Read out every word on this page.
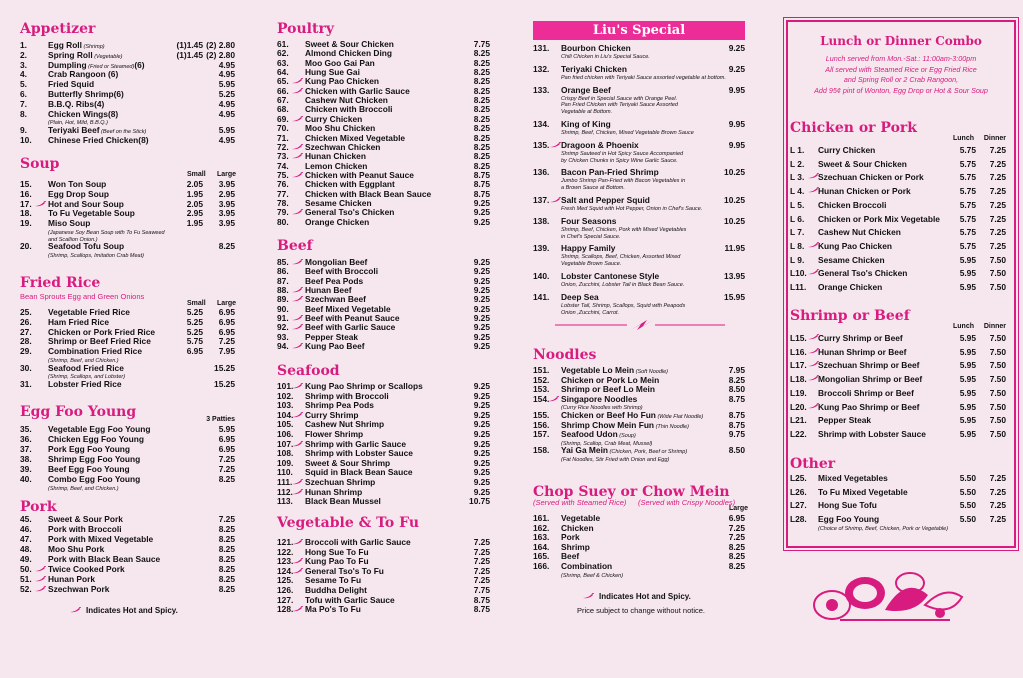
Appetizer
1.	Egg Roll (Shrimp)	(1)1.45 (2) 2.80
2.	Spring Roll (Vegetable)	(1)1.45 (2) 2.80
3.	Dumpling (Fried or Steamed)(6)	4.95
4.	Crab Rangoon (6)	4.95
5.	Fried Squid	5.95
6.	Butterfly Shrimp(6)	5.25
7.	B.B.Q. Ribs(4)	4.95
8.	Chicken Wings(8)	4.95
(Plain, Hot, Mild, B.B.Q.)
9.	Teriyaki Beef (Beef on the Stick)	5.95
10. Chinese Fried Chicken(8)	4.95
Soup
Small Large
15. Won Ton Soup	2.05 3.95
16. Egg Drop Soup	1.95 2.95
17. Hot and Sour Soup	2.05 3.95
18. To Fu Vegetable Soup	2.95 3.95
19. Miso Soup	1.95 3.95
(Japanese Soy Bean Soup with To Fu Seaweed
and Scallion Onion.)
20. Seafood Tofu Soup	8.25
(Shrimp, Scallops, Imitation Crab Meat)
Fried Rice
Bean Sprouts Egg and Green Onions
Small Large
25. Vegetable Fried Rice	5.25 6.95
26. Ham Fried Rice	5.25 6.95
27. Chicken or Pork Fried Rice	5.25 6.95
28. Shrimp or Beef Fried Rice	5.75 7.25
29. Combination Fried Rice	6.95 7.95
(Shrimp, Beef, and Chicken.)
30. Seafood Fried Rice	15.25
(Shrimp, Scallops, and Lobster)
31. Lobster Fried Rice	15.25
Egg Foo Young	3 Patties
35. Vegetable Egg Foo Young	5.95
36. Chicken Egg Foo Young	6.95
37. Pork Egg Foo Young	6.95
38. Shrimp Egg Foo Young	7.25
39. Beef Egg Foo Young	7.25
40. Combo Egg Foo Young	8.25
(Shrimp, Beef, and Chicken.)
Pork
45. Sweet & Sour Pork	7.25
46. Pork with Broccoli	8.25
47. Pork with Mixed Vegetable	8.25
48. Moo Shu Pork	8.25
49. Pork with Black Bean Sauce	8.25
50. Twice Cooked Pork	8.25
51. Hunan Pork	8.25
52. Szechwan Pork	8.25
Indicates Hot and Spicy.
Poultry
61. Sweet & Sour Chicken	7.75
62. Almond Chicken Ding	8.25
63. Moo Goo Gai Pan	8.25
64. Hung Sue Gai	8.25
65. Kung Pao Chicken	8.25
66. Chicken with Garlic Sauce	8.25
67. Cashew Nut Chicken	8.25
68. Chicken with Broccoli	8.25
69. Curry Chicken	8.25
70. Moo Shu Chicken	8.25
71. Chicken Mixed Vegetable	8.25
72. Szechwan Chicken	8.25
73. Hunan Chicken	8.25
74. Lemon Chicken	8.25
75. Chicken with Peanut Sauce	8.75
76. Chicken with Eggplant	8.75
77. Chicken with Black Bean Sauce	8.75
78. Sesame Chicken	9.25
79. General Tso's Chicken	9.25
80. Orange Chicken	9.25
Beef
85. Mongolian Beef	9.25
86. Beef with Broccoli	9.25
87. Beef Pea Pods	9.25
88. Hunan Beef	9.25
89. Szechwan Beef	9.25
90. Beef Mixed Vegetable	9.25
91. Beef with Peanut Sauce	9.25
92. Beef with Garlic Sauce	9.25
93. Pepper Steak	9.25
94. Kung Pao Beef	9.25
Seafood
101. Kung Pao Shrimp or Scallops	9.25
102. Shrimp with Broccoli	9.25
103. Shrimp Pea Pods	9.25
104. Curry Shrimp	9.25
105. Cashew Nut Shrimp	9.25
106. Flower Shrimp	9.25
107. Shrimp with Garlic Sauce	9.25
108. Shrimp with Lobster Sauce	9.25
109. Sweet & Sour Shrimp	9.25
110. Squid in Black Bean Sauce	9.25
111. Szechuan Shrimp	9.25
112. Hunan Shrimp	9.25
113. Black Bean Mussel	10.75
Vegetable & To Fu
121. Broccoli with Garlic Sauce	7.25
122. Hong Sue To Fu	7.25
123. Kung Pao To Fu	7.25
124. General Tso's To Fu	7.25
125. Sesame To Fu	7.25
126. Buddha Delight	7.75
127. Tofu with Garlic Sauce	8.75
128. Ma Po's To Fu	8.75
Liu's Special
131. Bourbon Chicken	9.25
Chili Chicken in Liu's Special Sauce.
132. Teriyaki Chicken	9.25
Pan fried chicken with Teriyaki Sauce assorted vegetable at bottom.
133. Orange Beef	9.95
Crispy Beef in Special Sauce with Orange Peel.
Pan Fried Chicken with Teriyaki Sauce Assorted
Vegetable at Bottom.
134. King of King	9.95
Shrimp, Beef, Chicken, Mixed Vegetable Brown Sauce
135. Dragoon & Phoenix	9.95
Shrimp Sauteed in Hot Spicy Sauce Accompanied
by Chicken Chunks in Spicy Wine Garlic Sauce.
136. Bacon Pan-Fried Shrimp	10.25
Jumbo Shrimp Pan-Fried with Bacon Vegetables in
a Brown Sauce at Bottom.
137. Salt and Pepper Squid	10.25
Fresh Med Squid with Hot Pepper, Onion in Chef's Sauce.
138. Four Seasons	10.25
Shrimp, Beef, Chicken, Pork with Mixed Vegetables
in Chef's Special Sauce.
139. Happy Family	11.95
Shrimp, Scallops, Beef, Chicken, Assorted Mixed
Vegetable Brown Sauce.
140. Lobster Cantonese Style	13.95
Onion, Zucchini, Lobster Tail in Black Bean Sauce.
141. Deep Sea	15.95
Lobster Tail, Shrimp, Scallops, Squid with Peapods
Onion ,Zucchini, Carrot.
Noodles
151. Vegetable Lo Mein (Soft Noodle)	7.95
152. Chicken or Pork Lo Mein	8.25
153. Shrimp or Beef Lo Mein	8.50
154. Singapore Noodles	8.75
(Curry Rice Noodles with Shrimp)
155. Chicken or Beef Ho Fun (Wide Flat Noodle)	8.75
156. Shrimp Chow Mein Fun (Thin Noodle)	8.75
157. Seafood Udon (Soup)	9.75
(Shrimp, Scallop, Crab Meat, Mussel)
158. Yai Ga Mein (Chicken, Pork, Beef or Shrimp)	8.50
(Fat Noodles, Stir Fried with Onion and Egg)
Chop Suey or Chow Mein
(Served with Steamed Rice) (Served with Crispy Noodles)
Large
161. Vegetable	6.95
162. Chicken	7.25
163. Pork	7.25
164. Shrimp	8.25
165. Beef	8.25
166. Combination	8.25
(Shrimp, Beef & Chicken)
Indicates Hot and Spicy.
Price subject to change without notice.
Lunch or Dinner Combo
Lunch served from Mon.-Sat.: 11:00am-3:00pm
All served with Steamed Rice or Egg Fried Rice
and Spring Roll or 2 Crab Rangoon,
Add 95¢ pint of Wonton, Egg Drop or Hot & Sour Soup
Chicken or Pork
Lunch Dinner
L 1. Curry Chicken	5.75 7.25
L 2. Sweet & Sour Chicken	5.75 7.25
L 3. Szechuan Chicken or Pork	5.75 7.25
L 4. Hunan Chicken or Pork	5.75 7.25
L 5. Chicken Broccoli	5.75 7.25
L 6. Chicken or Pork Mix Vegetable 5.75 7.25
L 7. Cashew Nut Chicken	5.75 7.25
L 8. Kung Pao Chicken	5.75 7.25
L 9. Sesame Chicken	5.95 7.50
L10. General Tso's Chicken	5.95 7.50
L11. Orange Chicken	5.95 7.50
Shrimp or Beef
Lunch Dinner
L15. Curry Shrimp or Beef	5.95 7.50
L16. Hunan Shrimp or Beef	5.95 7.50
L17. Szechuan Shrimp or Beef	5.95 7.50
L18. Mongolian Shrimp or Beef	5.95 7.50
L19. Broccoli Shrimp or Beef	5.95 7.50
L20. Kung Pao Shrimp or Beef	5.95 7.50
L21. Pepper Steak	5.95 7.50
L22. Shrimp with Lobster Sauce	5.95 7.50
Other
L25. Mixed Vegetables	5.50 7.25
L26. To Fu Mixed Vegetable	5.50 7.25
L27. Hong Sue Tofu	5.50 7.25
L28. Egg Foo Young	5.50 7.25
(Choice of Shrimp, Beef, Chicken, Pork or Vegetable)
